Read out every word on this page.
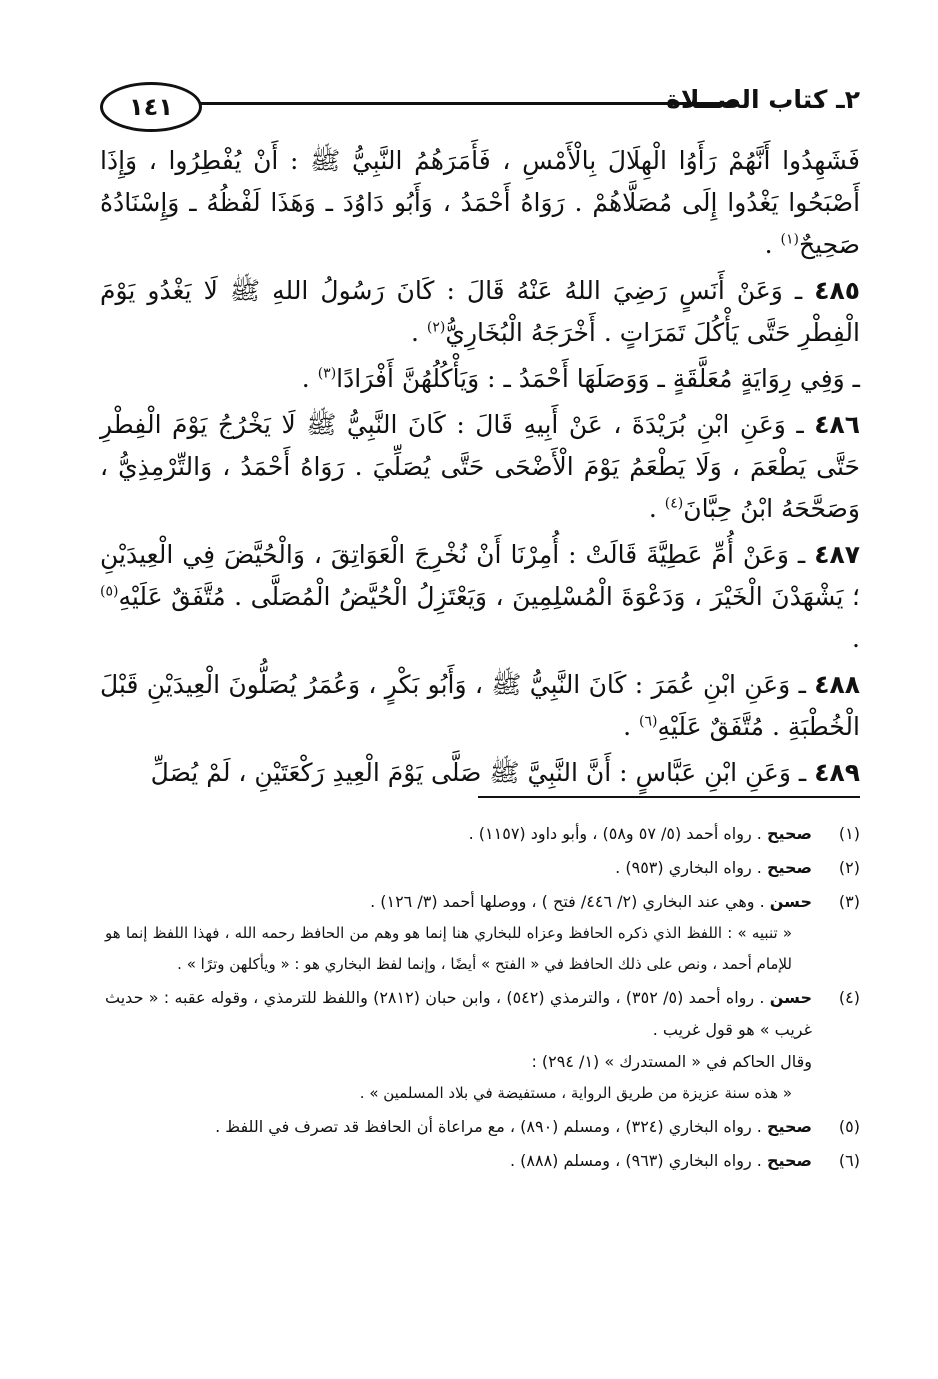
١٤١	٢ـ كتاب الصــلاة

فَشَهِدُوا أَنَّهُمْ رَأَوُا الْهِلَالَ بِالْأَمْسِ ، فَأَمَرَهُمُ النَّبِيُّ ﷺ : أَنْ يُفْطِرُوا ، وَإِذَا أَصْبَحُوا يَغْدُوا إِلَى مُصَلَّاهُمْ . رَوَاهُ أَحْمَدُ ، وَأَبُو دَاوُدَ ـ وَهَذَا لَفْظُهُ ـ وَإِسْنَادُهُ صَحِيحٌ$^{(١)}$ .

٤٨٥ ـ وَعَنْ أَنَسٍ رَضِيَ اللهُ عَنْهُ قَالَ : كَانَ رَسُولُ اللهِ ﷺ لَا يَغْدُو يَوْمَ الْفِطْرِ حَتَّى يَأْكُلَ تَمَرَاتٍ . أَخْرَجَهُ الْبُخَارِيُّ$^{(٢)}$ .

ـ وَفِي رِوَايَةٍ مُعَلَّقَةٍ ـ وَوَصَلَهَا أَحْمَدُ ـ : وَيَأْكُلُهُنَّ أَفْرَادًا$^{(٣)}$ .

٤٨٦ ـ وَعَنِ ابْنِ بُرَيْدَةَ ، عَنْ أَبِيهِ قَالَ : كَانَ النَّبِيُّ ﷺ لَا يَخْرُجُ يَوْمَ الْفِطْرِ حَتَّى يَطْعَمَ ، وَلَا يَطْعَمُ يَوْمَ الْأَضْحَى حَتَّى يُصَلِّيَ . رَوَاهُ أَحْمَدُ ، وَالتِّرْمِذِيُّ ، وَصَحَّحَهُ ابْنُ حِبَّانَ$^{(٤)}$ .

٤٨٧ ـ وَعَنْ أُمِّ عَطِيَّةَ قَالَتْ : أُمِرْنَا أَنْ نُخْرِجَ الْعَوَاتِقَ ، وَالْحُيَّضَ فِي الْعِيدَيْنِ ؛ يَشْهَدْنَ الْخَيْرَ ، وَدَعْوَةَ الْمُسْلِمِينَ ، وَيَعْتَزِلُ الْحُيَّضُ الْمُصَلَّى . مُتَّفَقٌ عَلَيْهِ$^{(٥)}$ .

٤٨٨ ـ وَعَنِ ابْنِ عُمَرَ : كَانَ النَّبِيُّ ﷺ ، وَأَبُو بَكْرٍ ، وَعُمَرُ يُصَلُّونَ الْعِيدَيْنِ قَبْلَ الْخُطْبَةِ . مُتَّفَقٌ عَلَيْهِ$^{(٦)}$ .

٤٨٩ ـ وَعَنِ ابْنِ عَبَّاسٍ : أَنَّ النَّبِيَّ ﷺ صَلَّى يَوْمَ الْعِيدِ رَكْعَتَيْنِ ، لَمْ يُصَلِّ

(١)
صحيح . رواه أحمد (٥/ ٥٧ و٥٨) ، وأبو داود (١١٥٧) .
(٢)
صحيح . رواه البخاري (٩٥٣) .
(٣)
حسن . وهي عند البخاري (٢/ ٤٤٦/ فتح ) ، ووصلها أحمد (٣/ ١٢٦) .

« تنبيه » : اللفظ الذي ذكره الحافظ وعزاه للبخاري هنا إنما هو وهم من الحافظ رحمه الله ، فهذا اللفظ إنما هو للإمام أحمد ، ونص على ذلك الحافظ في « الفتح » أيضًا ، وإنما لفظ البخاري هو : « ويأكلهن وترًا » .

(٤)
حسن . رواه أحمد (٥/ ٣٥٢) ، والترمذي (٥٤٢) ، وابن حبان (٢٨١٢) واللفظ للترمذي ، وقوله عقبه : « حديث غريب » هو قول غريب .
وقال الحاكم في « المستدرك » (١/ ٢٩٤) :

« هذه سنة عزيزة من طريق الرواية ، مستفيضة في بلاد المسلمين » .

(٥)
صحيح . رواه البخاري (٣٢٤) ، ومسلم (٨٩٠) ، مع مراعاة أن الحافظ قد تصرف في اللفظ .
(٦)
صحيح . رواه البخاري (٩٦٣) ، ومسلم (٨٨٨) .
